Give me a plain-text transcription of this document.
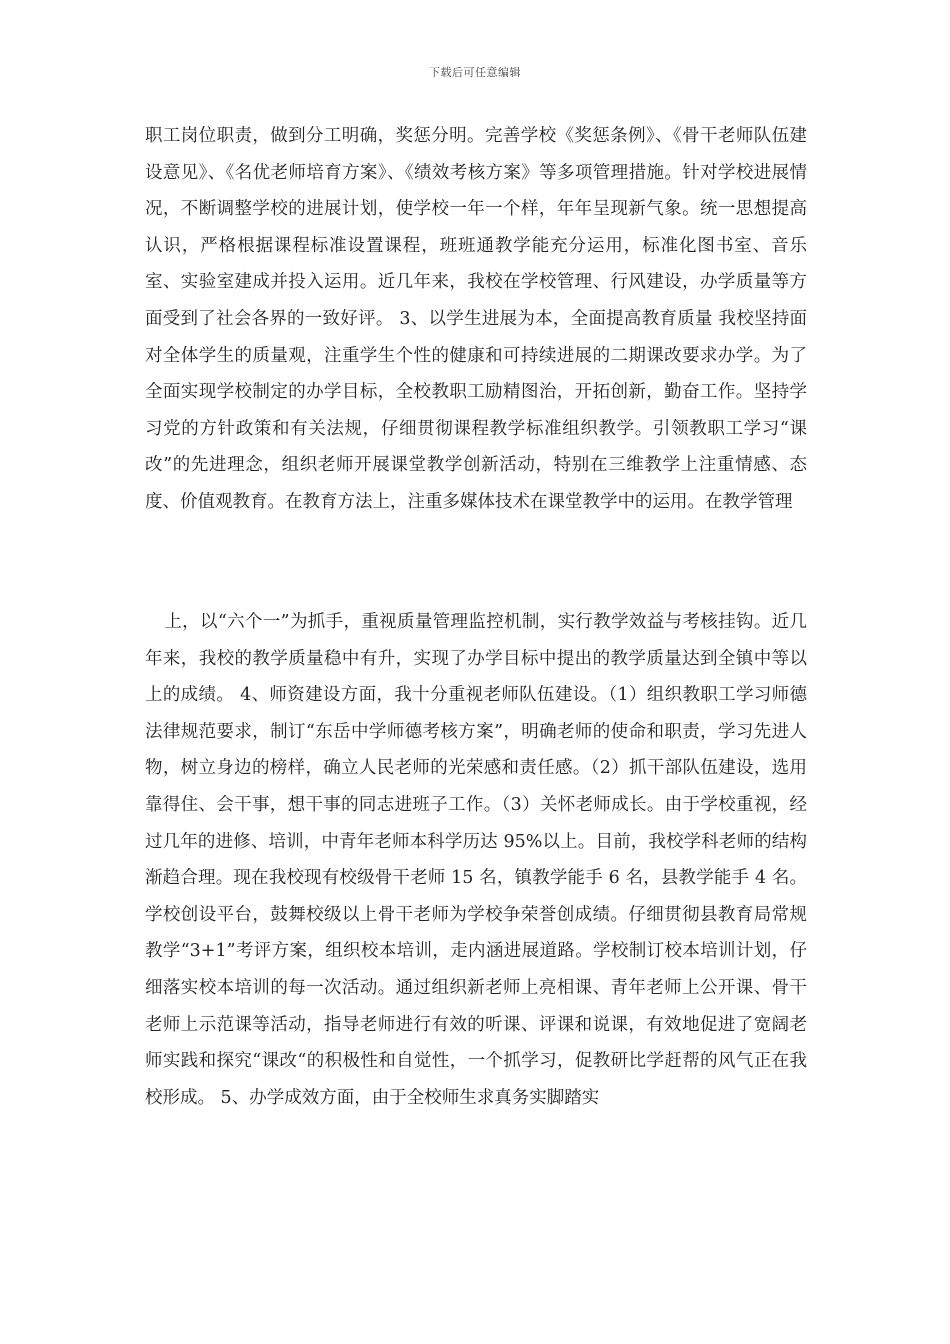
下载后可任意编辑

职工岗位职责，做到分工明确，奖惩分明。完善学校《奖惩条例》、《骨干老师队伍建设意见》、《名优老师培育方案》、《绩效考核方案》等多项管理措施。针对学校进展情况，不断调整学校的进展计划，使学校一年一个样，年年呈现新气象。统一思想提高认识，严格根据课程标准设置课程，班班通教学能充分运用，标准化图书室、音乐室、实验室建成并投入运用。近几年来，我校在学校管理、行风建设，办学质量等方面受到了社会各界的一致好评。 3、以学生进展为本，全面提高教育质量 我校坚持面对全体学生的质量观，注重学生个性的健康和可持续进展的二期课改要求办学。为了全面实现学校制定的办学目标，全校教职工励精图治，开拓创新，勤奋工作。坚持学习党的方针政策和有关法规，仔细贯彻课程教学标准组织教学。引领教职工学习“课改”的先进理念，组织老师开展课堂教学创新活动，特别在三维教学上注重情感、态度、价值观教育。在教育方法上，注重多媒体技术在课堂教学中的运用。在教学管理

上，以“六个一”为抓手，重视质量管理监控机制，实行教学效益与考核挂钩。近几年来，我校的教学质量稳中有升，实现了办学目标中提出的教学质量达到全镇中等以上的成绩。 4、师资建设方面，我十分重视老师队伍建设。（1）组织教职工学习师德法律规范要求，制订“东岳中学师德考核方案”，明确老师的使命和职责，学习先进人物，树立身边的榜样，确立人民老师的光荣感和责任感。（2）抓干部队伍建设，选用靠得住、会干事，想干事的同志进班子工作。（3）关怀老师成长。由于学校重视，经过几年的进修、培训，中青年老师本科学历达 95%以上。目前，我校学科老师的结构渐趋合理。现在我校现有校级骨干老师 15 名，镇教学能手 6 名，县教学能手 4 名。学校创设平台，鼓舞校级以上骨干老师为学校争荣誉创成绩。仔细贯彻县教育局常规教学“3+1”考评方案，组织校本培训，走内涵进展道路。学校制订校本培训计划，仔细落实校本培训的每一次活动。通过组织新老师上亮相课、青年老师上公开课、骨干老师上示范课等活动，指导老师进行有效的听课、评课和说课，有效地促进了宽阔老师实践和探究“课改“的积极性和自觉性，一个抓学习，促教研比学赶帮的风气正在我校形成。 5、办学成效方面，由于全校师生求真务实脚踏实
